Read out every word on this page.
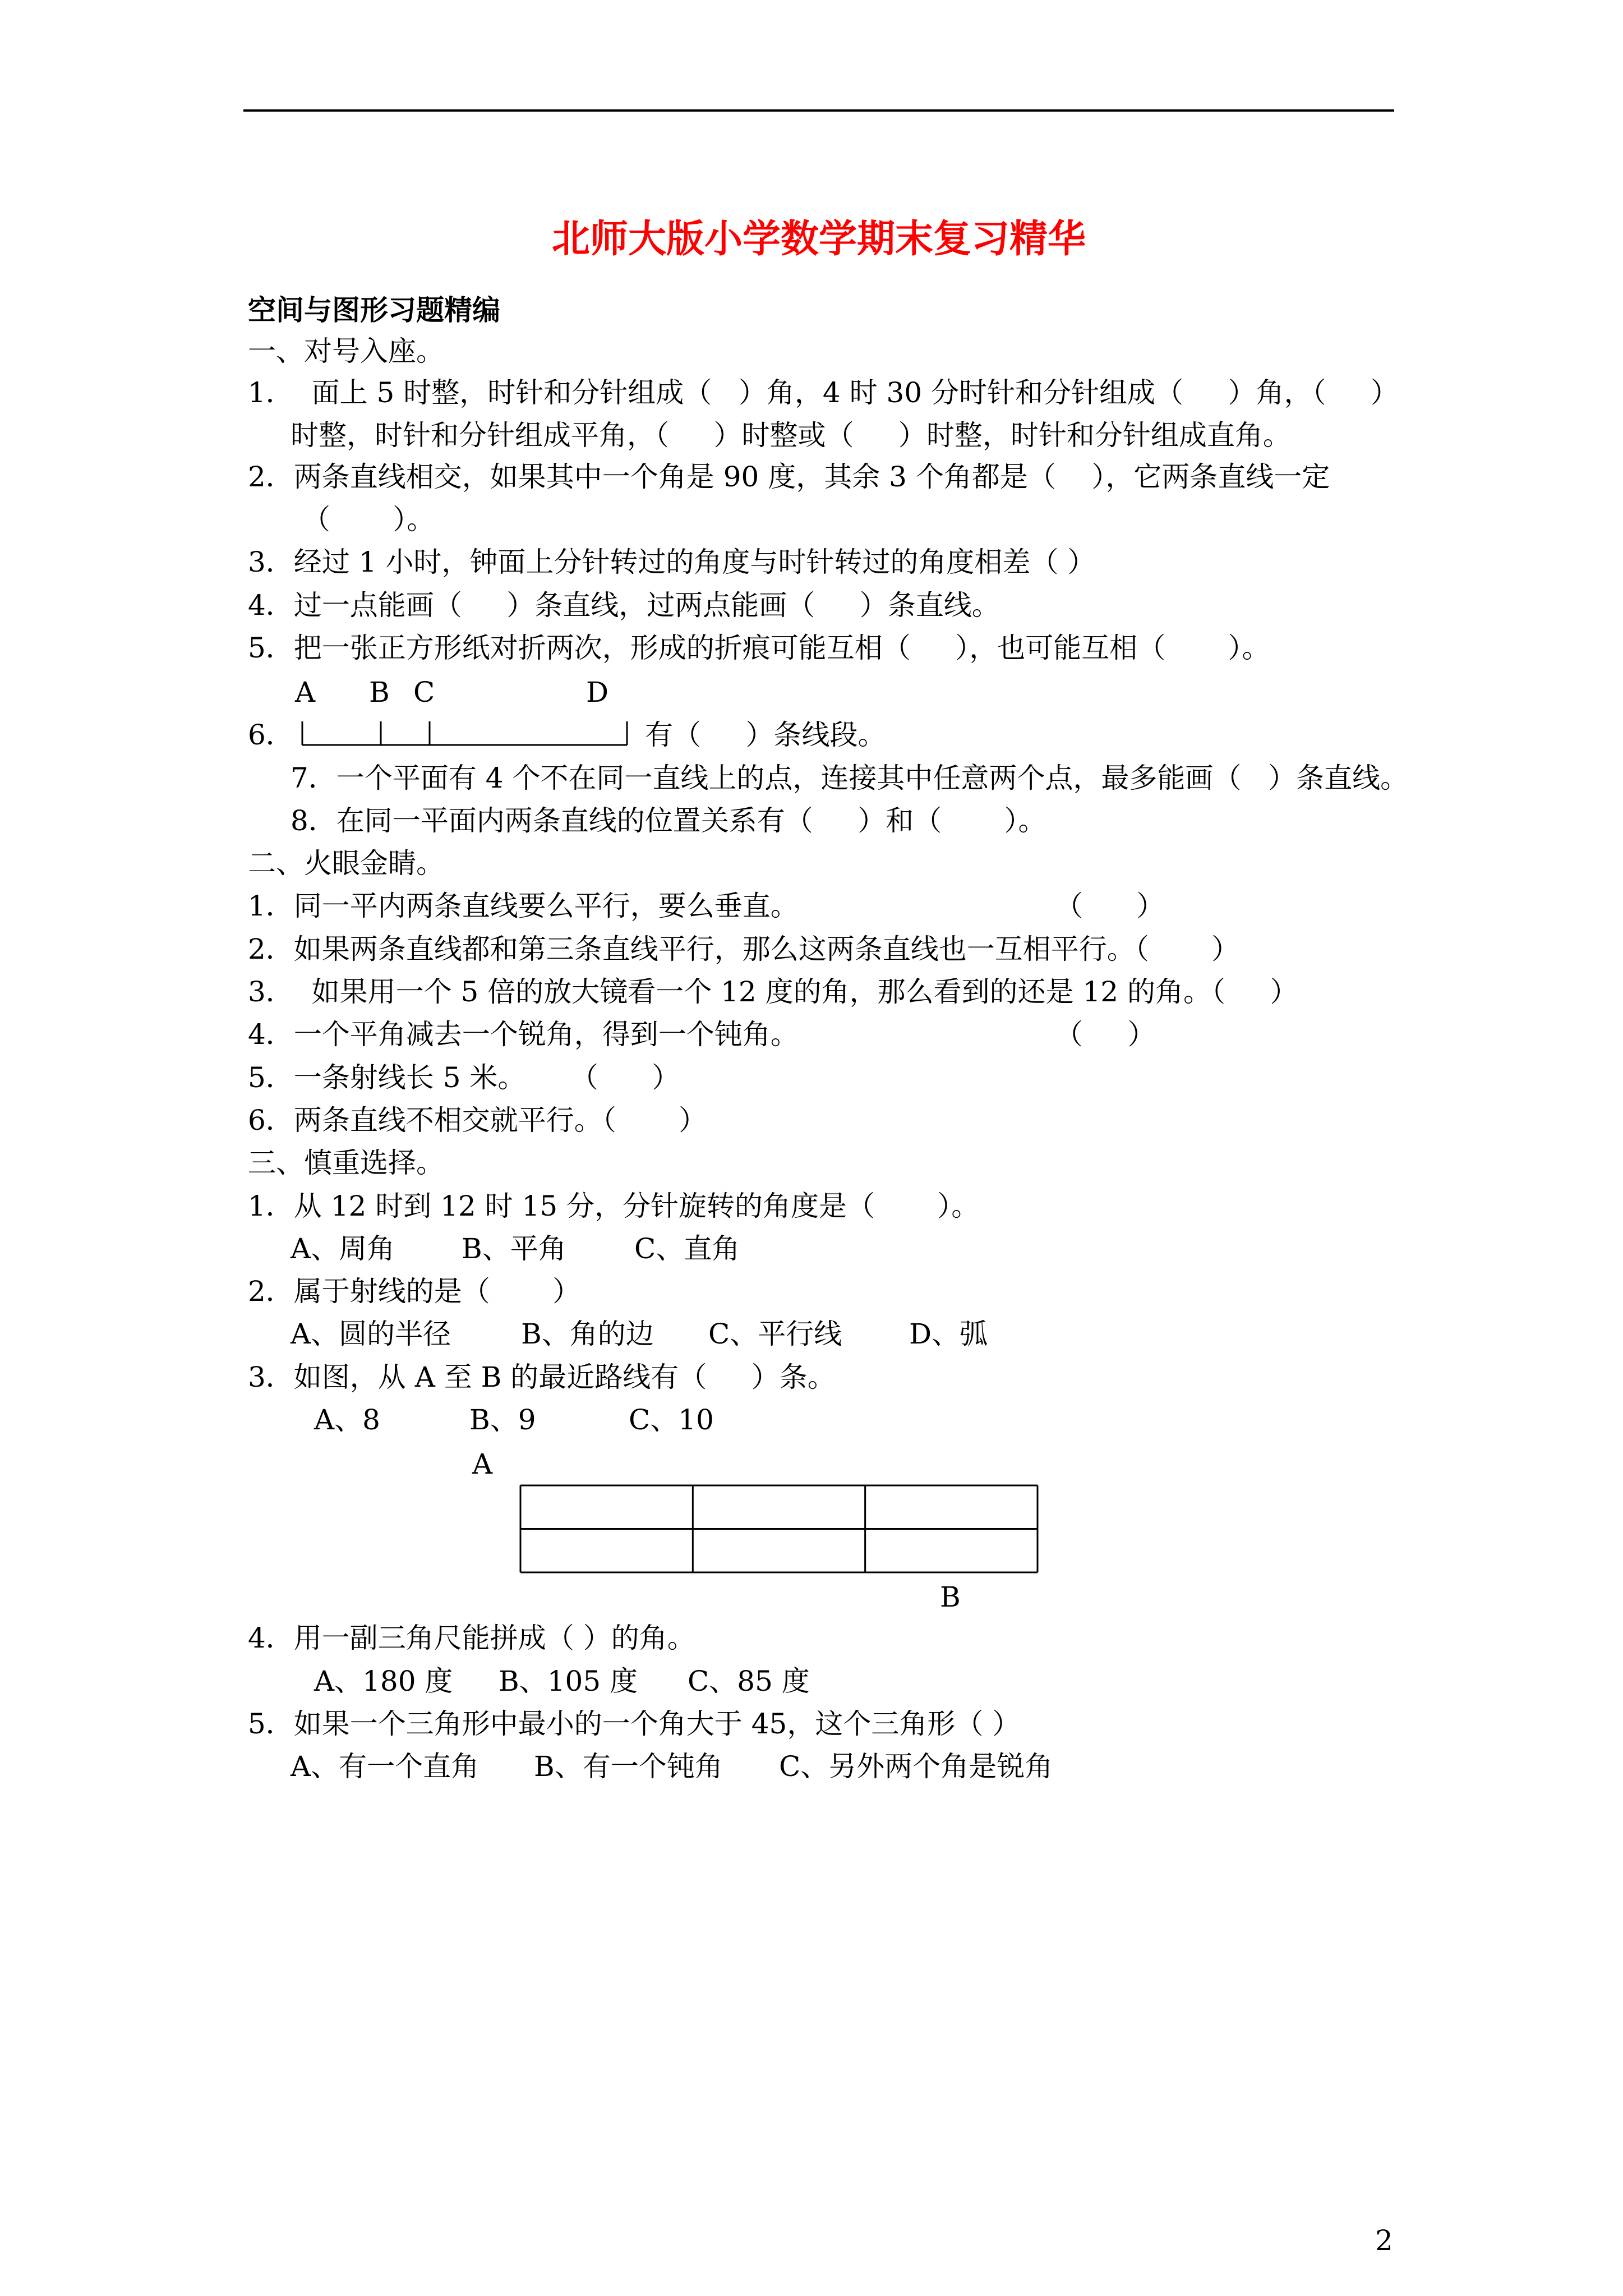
北师大版小学数学期末复习精华
空间与图形习题精编
一、对号入座。
1．  面上 5 时整，时针和分针组成（   ）角，4 时 30 分时针和分针组成（     ）角，（     ）
时整，时针和分针组成平角，（     ）时整或（     ）时整，时针和分针组成直角。
2．两条直线相交，如果其中一个角是 90 度，其余 3 个角都是（    ），它两条直线一定
（       ）。
3．经过 1 小时，钟面上分针转过的角度与时针转过的角度相差（ ）
4．过一点能画（     ）条直线，过两点能画（     ）条直线。
5．把一张正方形纸对折两次，形成的折痕可能互相（     ），也可能互相（       ）。
A B C	D
6．	有（     ）条线段。
7．一个平面有 4 个不在同一直线上的点，连接其中任意两个点，最多能画（   ）条直线。
8．在同一平面内两条直线的位置关系有（     ）和（       ）。
二、火眼金睛。
1．同一平内两条直线要么平行，要么垂直。	（      ）
2．如果两条直线都和第三条直线平行，那么这两条直线也一互相平行。（       ）
3．  如果用一个 5 倍的放大镜看一个 12 度的角，那么看到的还是 12 的角。（     ）
4．一个平角减去一个锐角，得到一个钝角。	（     ）
5．一条射线长 5 米。     （      ）
6．两条直线不相交就平行。（       ）
三、慎重选择。
1．从 12 时到 12 时 15 分，分针旋转的角度是（       ）。
A、周角 B、平角 C、直角
2．属于射线的是（       ）
A、圆的半径 B、角的边 C、平行线 D、弧
3．如图，从 A 至 B 的最近路线有（     ）条。
A、8	B、9	C、10
A
B
4．用一副三角尺能拼成（ ）的角。
A、180 度 B、105 度 C、85 度
5．如果一个三角形中最小的一个角大于 45，这个三角形（ ）
A、有一个直角 B、有一个钝角 C、另外两个角是锐角
2
